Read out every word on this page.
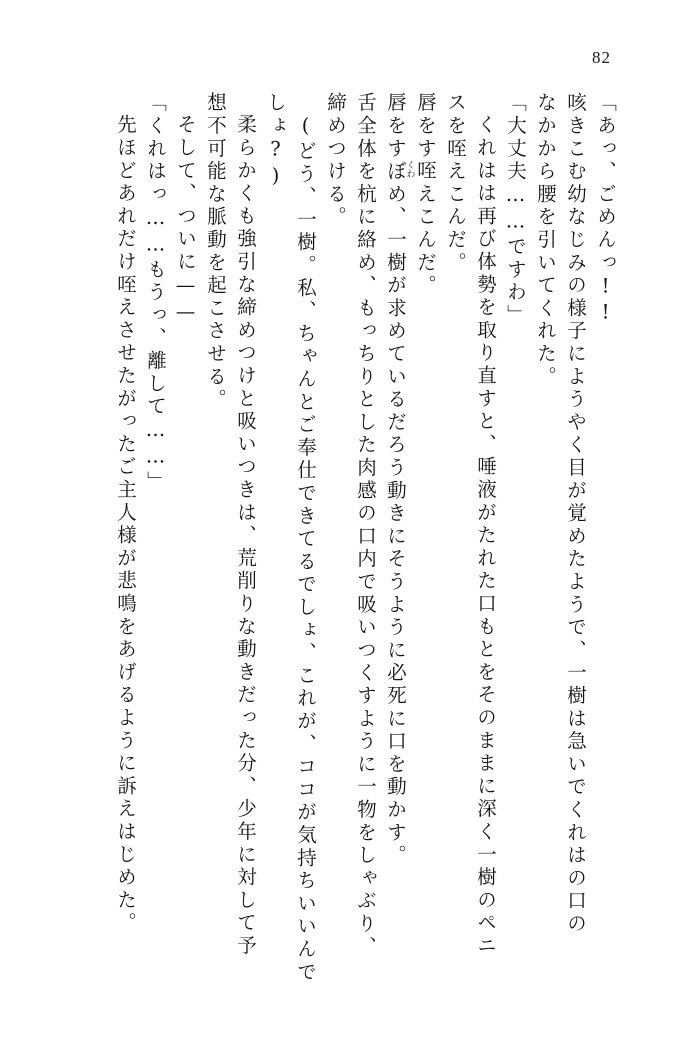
82
「あっ、ごめんっ!!
咳きこむ幼なじみの様子にようやく目が覚めたようで、一樹は急いでくれはの口の
なかから腰を引いてくれた。
「大丈夫……ですわ」
くれはは再び体勢を取り直すと、唾液がたれた口もとをそのままに深く一樹のペニ
スを咥えこんだ。
唇をす
くわ 咥えこんだ。
唇をすぼめ、一樹が求めているだろう動きにそうように必死に口を動かす。
舌全体を杭に絡め、もっちりとした肉感の口内で吸いつくすように一物をしゃぶり、
締めつける。
(どう、一樹。私、ちゃんとご奉仕できてるでしょ、これが、ココが気持ちいいんで
しょ?)
柔らかくも強引な締めつけと吸いつきは、荒削りな動きだった分、少年に対して予
想不可能な脈動を起こさせる。
そして、ついに——
「くれはっ……もうっ、離して……」
先ほどあれだけ咥えさせたがったご主人様が悲鳴をあげるように訴えはじめた。
